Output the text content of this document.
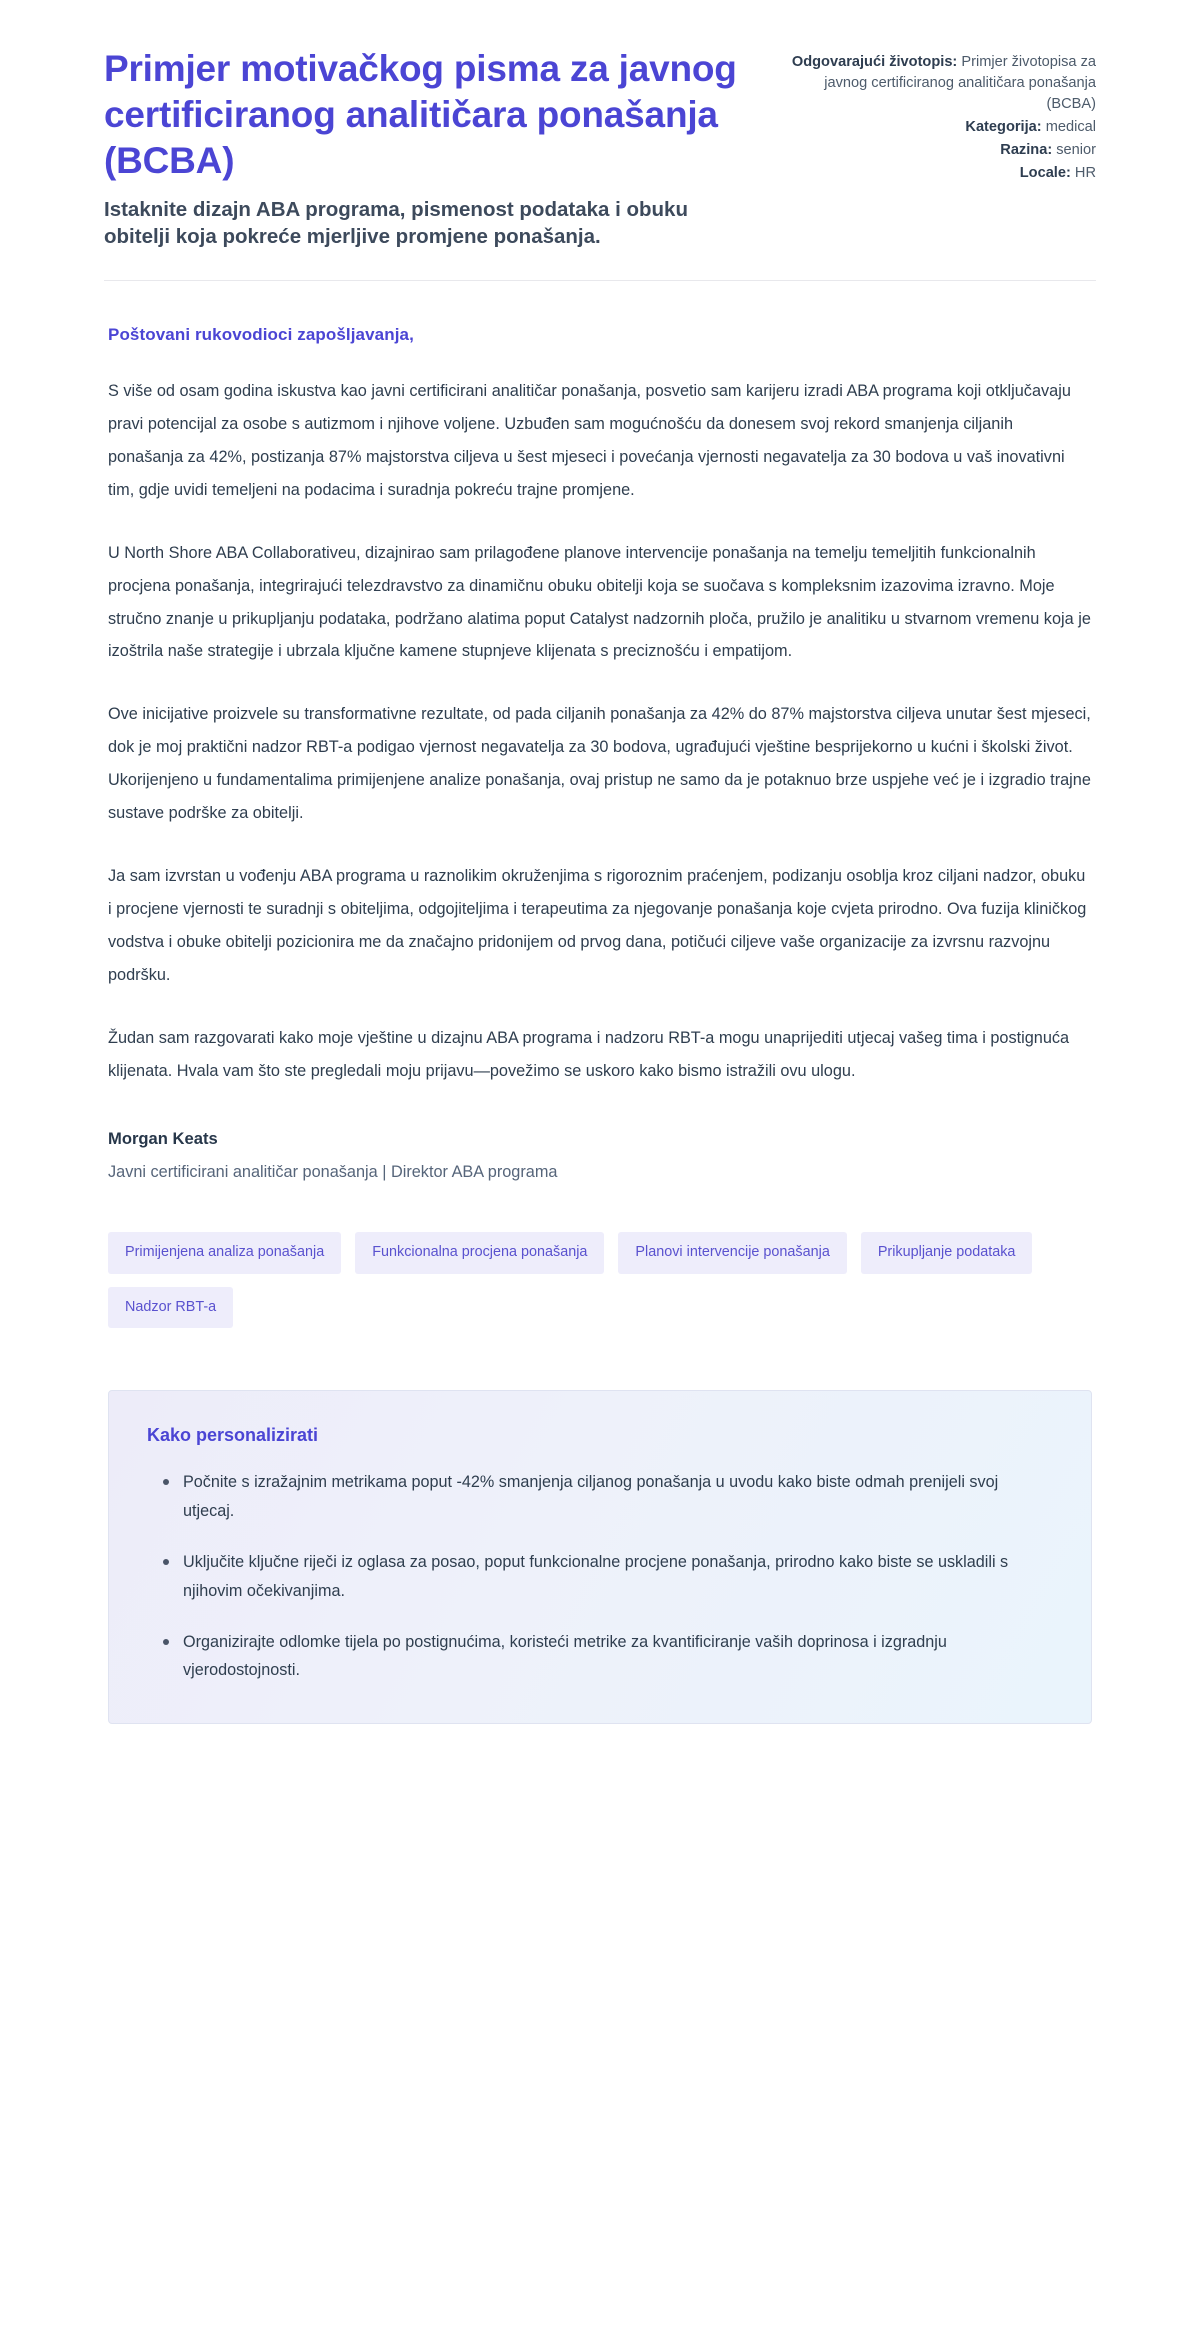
Primjer motivačkog pisma za javnog certificiranog analitičara ponašanja (BCBA)

Istaknite dizajn ABA programa, pismenost podataka i obuku obitelji koja pokreće mjerljive promjene ponašanja.

Odgovarajući životopis: Primjer životopisa za javnog certificiranog analitičara ponašanja (BCBA)

Kategorija: medical

Razina: senior

Locale: HR

Poštovani rukovodioci zapošljavanja,

S više od osam godina iskustva kao javni certificirani analitičar ponašanja, posvetio sam karijeru izradi ABA programa koji otključavaju pravi potencijal za osobe s autizmom i njihove voljene. Uzbuđen sam mogućnošću da donesem svoj rekord smanjenja ciljanih ponašanja za 42%, postizanja 87% majstorstva ciljeva u šest mjeseci i povećanja vjernosti negavatelja za 30 bodova u vaš inovativni tim, gdje uvidi temeljeni na podacima i suradnja pokreću trajne promjene.

U North Shore ABA Collaborativeu, dizajnirao sam prilagođene planove intervencije ponašanja na temelju temeljitih funkcionalnih procjena ponašanja, integrirajući telezdravstvo za dinamičnu obuku obitelji koja se suočava s kompleksnim izazovima izravno. Moje stručno znanje u prikupljanju podataka, podržano alatima poput Catalyst nadzornih ploča, pružilo je analitiku u stvarnom vremenu koja je izoštrila naše strategije i ubrzala ključne kamene stupnjeve klijenata s preciznošću i empatijom.

Ove inicijative proizvele su transformativne rezultate, od pada ciljanih ponašanja za 42% do 87% majstorstva ciljeva unutar šest mjeseci, dok je moj praktični nadzor RBT-a podigao vjernost negavatelja za 30 bodova, ugrađujući vještine besprijekorno u kućni i školski život. Ukorijenjeno u fundamentalima primijenjene analize ponašanja, ovaj pristup ne samo da je potaknuo brze uspjehe već je i izgradio trajne sustave podrške za obitelji.

Ja sam izvrstan u vođenju ABA programa u raznolikim okruženjima s rigoroznim praćenjem, podizanju osoblja kroz ciljani nadzor, obuku i procjene vjernosti te suradnji s obiteljima, odgojiteljima i terapeutima za njegovanje ponašanja koje cvjeta prirodno. Ova fuzija kliničkog vodstva i obuke obitelji pozicionira me da značajno pridonijem od prvog dana, potičući ciljeve vaše organizacije za izvrsnu razvojnu podršku.

Žudan sam razgovarati kako moje vještine u dizajnu ABA programa i nadzoru RBT-a mogu unaprijediti utjecaj vašeg tima i postignuća klijenata. Hvala vam što ste pregledali moju prijavu—povežimo se uskoro kako bismo istražili ovu ulogu.

Morgan Keats

Javni certificirani analitičar ponašanja | Direktor ABA programa

Primijenjena analiza ponašanja	Funkcionalna procjena ponašanja	Planovi intervencije ponašanja	Prikupljanje podataka
Nadzor RBT-a
Kako personalizirati
Počnite s izražajnim metrikama poput -42% smanjenja ciljanog ponašanja u uvodu kako biste odmah prenijeli svoj utjecaj.
Uključite ključne riječi iz oglasa za posao, poput funkcionalne procjene ponašanja, prirodno kako biste se uskladili s njihovim očekivanjima.
Organizirajte odlomke tijela po postignućima, koristeći metrike za kvantificiranje vaših doprinosa i izgradnju vjerodostojnosti.
